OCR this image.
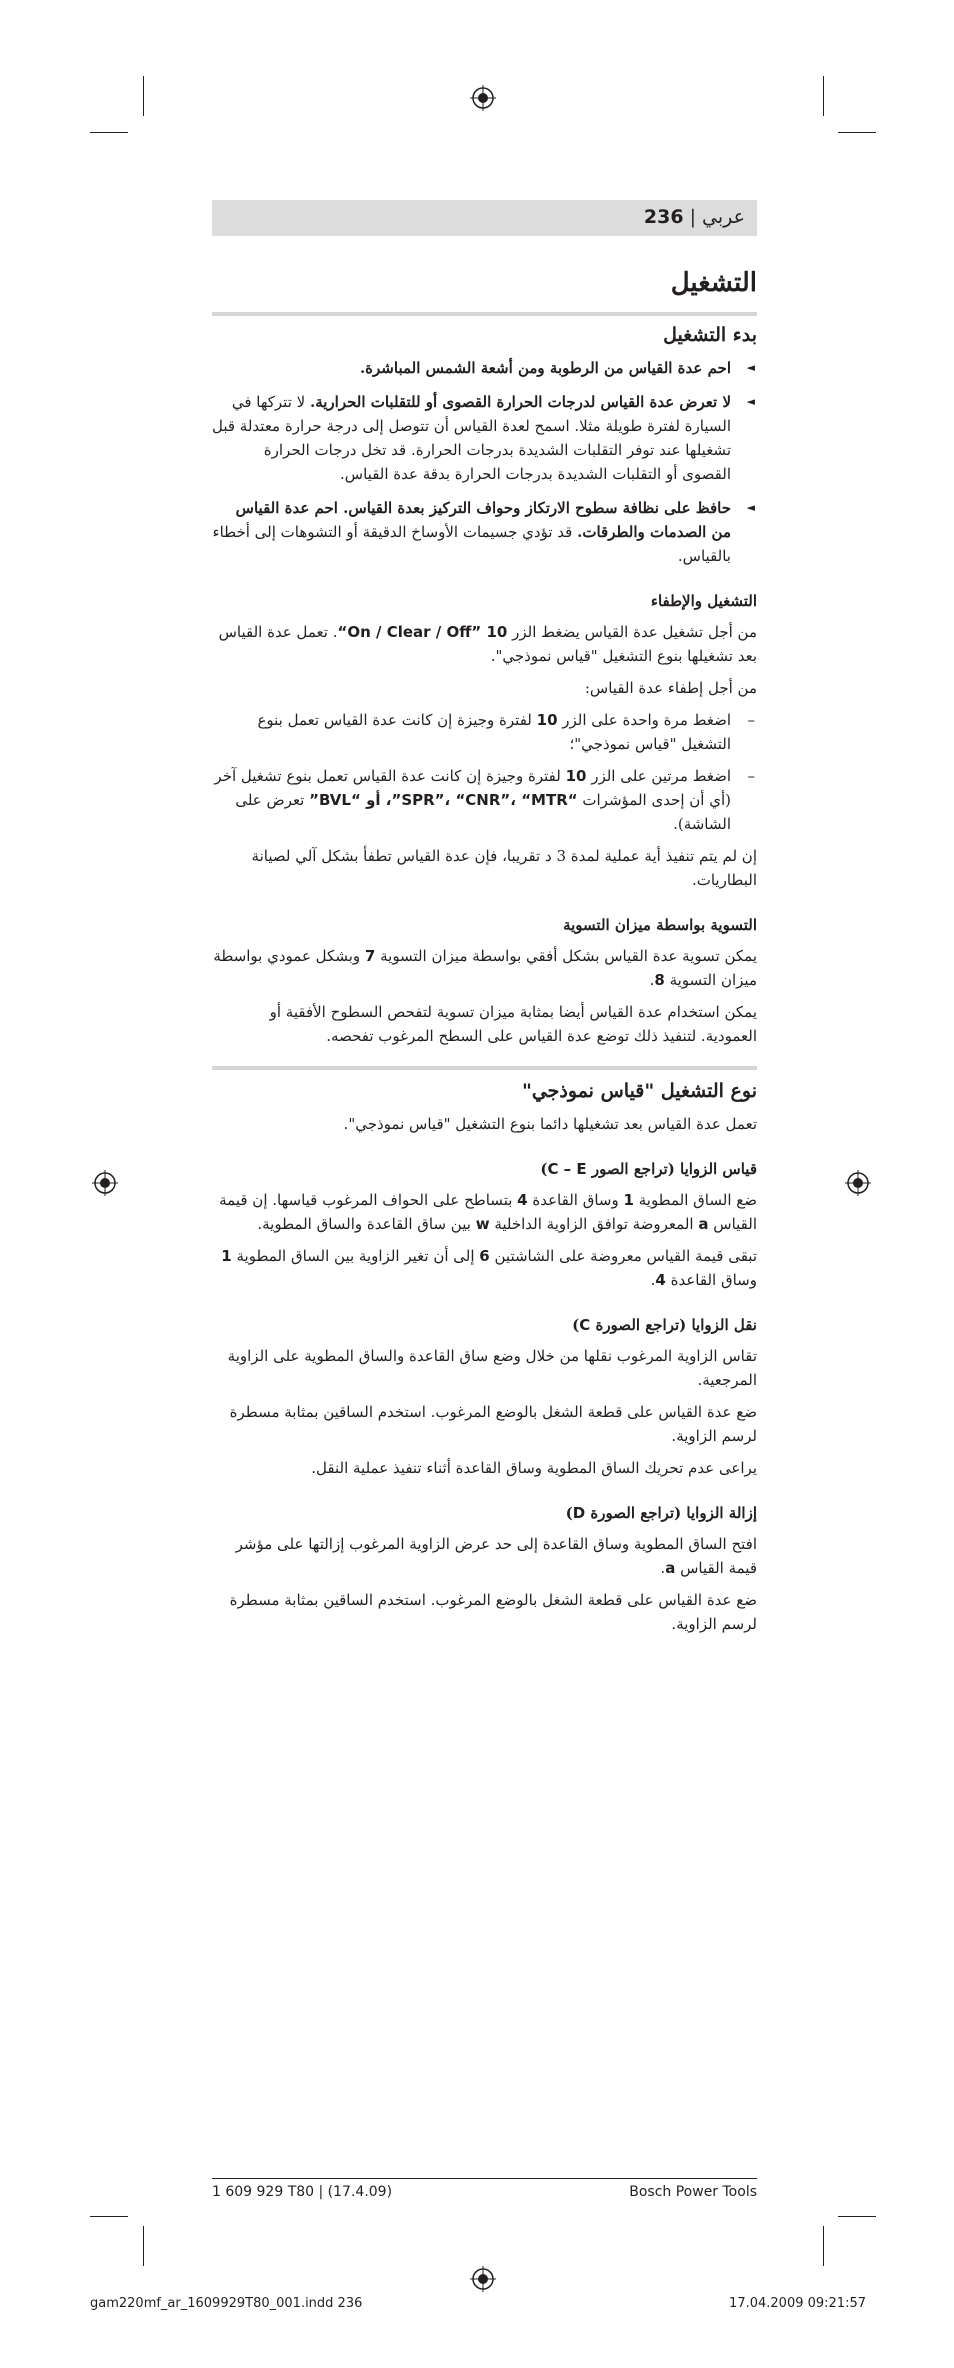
عربي | 236
التشغيل
بدء التشغيل
◄
احم عدة القياس من الرطوبة ومن أشعة الشمس المباشرة.
◄
لا تعرض عدة القياس لدرجات الحرارة القصوى أو للتقلبات الحرارية. لا تتركها في السيارة لفترة طويلة مثلا. اسمح لعدة القياس أن تتوصل إلى درجة حرارة معتدلة قبل تشغيلها عند توفر التقلبات الشديدة بدرجات الحرارة. قد تخل درجات الحرارة القصوى أو التقلبات الشديدة بدرجات الحرارة بدقة عدة القياس.
◄
حافظ على نظافة سطوح الارتكاز وحواف التركيز بعدة القياس. احم عدة القياس من الصدمات والطرقات. قد تؤدي جسيمات الأوساخ الدقيقة أو التشوهات إلى أخطاء بالقياس.
التشغيل والإطفاء
من أجل تشغيل عدة القياس يضغط الزر “On / Clear / Off” 10. تعمل عدة القياس بعد تشغيلها بنوع التشغيل "قياس نموذجي".
من أجل إطفاء عدة القياس:
–
اضغط مرة واحدة على الزر 10 لفترة وجيزة إن كانت عدة القياس تعمل بنوع التشغيل "قياس نموذجي"؛
–
اضغط مرتين على الزر 10 لفترة وجيزة إن كانت عدة القياس تعمل بنوع تشغيل آخر (أي أن إحدى المؤشرات “SPR”، “CNR”، “MTR”، أو “BVL” تعرض على الشاشة).
إن لم يتم تنفيذ أية عملية لمدة 3 د تقريبا، فإن عدة القياس تطفأ بشكل آلي لصيانة البطاريات.
التسوية بواسطة ميزان التسوية
يمكن تسوية عدة القياس بشكل أفقي بواسطة ميزان التسوية 7 وبشكل عمودي بواسطة ميزان التسوية 8.
يمكن استخدام عدة القياس أيضا بمثابة ميزان تسوية لتفحص السطوح الأفقية أو العمودية. لتنفيذ ذلك توضع عدة القياس على السطح المرغوب تفحصه.
نوع التشغيل "قياس نموذجي"
تعمل عدة القياس بعد تشغيلها دائما بنوع التشغيل "قياس نموذجي".
قياس الزوايا (تراجع الصور C – E)
ضع الساق المطوية 1 وساق القاعدة 4 بتساطح على الحواف المرغوب قياسها. إن قيمة القياس a المعروضة توافق الزاوية الداخلية w بين ساق القاعدة والساق المطوية.
تبقى قيمة القياس معروضة على الشاشتين 6 إلى أن تغير الزاوية بين الساق المطوية 1 وساق القاعدة 4.
نقل الزوايا (تراجع الصورة C)
تقاس الزاوية المرغوب نقلها من خلال وضع ساق القاعدة والساق المطوية على الزاوية المرجعية.
ضع عدة القياس على قطعة الشغل بالوضع المرغوب. استخدم الساقين بمثابة مسطرة لرسم الزاوية.
يراعى عدم تحريك الساق المطوية وساق القاعدة أثناء تنفيذ عملية النقل.
إزالة الزوايا (تراجع الصورة D)
افتح الساق المطوية وساق القاعدة إلى حد عرض الزاوية المرغوب إزالتها على مؤشر قيمة القياس a.
ضع عدة القياس على قطعة الشغل بالوضع المرغوب. استخدم الساقين بمثابة مسطرة لرسم الزاوية.
1 609 929 T80 | (17.4.09)	Bosch Power Tools
gam220mf_ar_1609929T80_001.indd 236	17.04.2009 09:21:57
